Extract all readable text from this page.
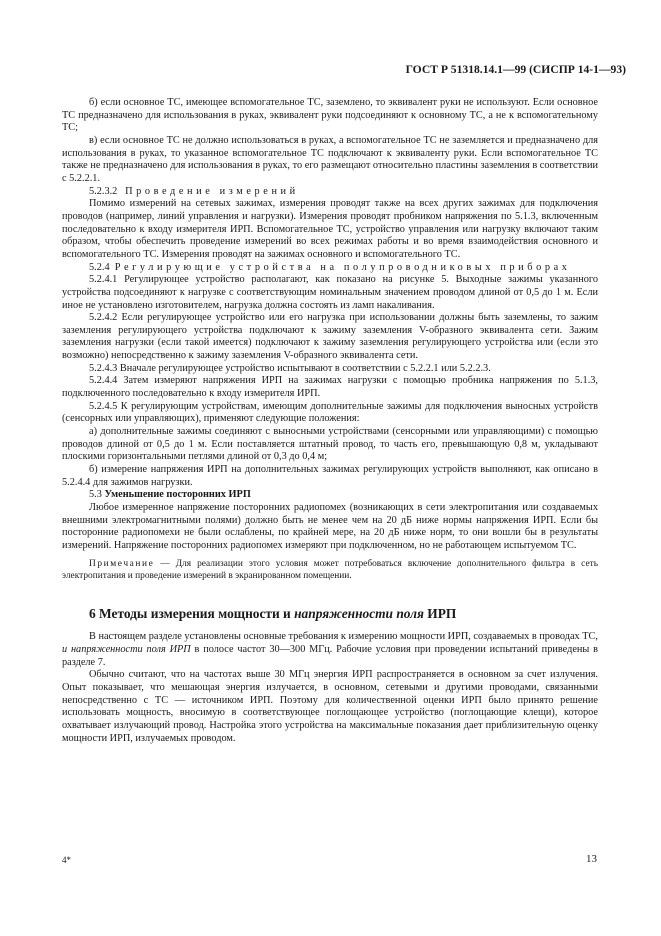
ГОСТ Р 51318.14.1—99 (СИСПР 14-1—93)

б) если основное ТС, имеющее вспомогательное ТС, заземлено, то эквивалент руки не используют. Если основное ТС предназначено для использования в руках, эквивалент руки подсоединяют к основному ТС, а не к вспомогательному ТС;

в) если основное ТС не должно использоваться в руках, а вспомогательное ТС не заземляется и предназначено для использования в руках, то указанное вспомогательное ТС подключают к эквиваленту руки. Если вспомогательное ТС также не предназначено для использования в руках, то его размещают относительно пластины заземления в соответствии с 5.2.2.1.

5.2.3.2 Проведение измерений

Помимо измерений на сетевых зажимах, измерения проводят также на всех других зажимах для подключения проводов (например, линий управления и нагрузки). Измерения проводят пробником напряжения по 5.1.3, включенным последовательно к входу измерителя ИРП. Вспомогательное ТС, устройство управления или нагрузку включают таким образом, чтобы обеспечить проведение измерений во всех режимах работы и во время взаимодействия основного и вспомогательного ТС. Измерения проводят на зажимах основного и вспомогательного ТС.

5.2.4 Регулирующие устройства на полупроводниковых приборах

5.2.4.1 Регулирующее устройство располагают, как показано на рисунке 5. Выходные зажимы указанного устройства подсоединяют к нагрузке с соответствующим номинальным значением проводом длиной от 0,5 до 1 м. Если иное не установлено изготовителем, нагрузка должна состоять из ламп накаливания.

5.2.4.2 Если регулирующее устройство или его нагрузка при использовании должны быть заземлены, то зажим заземления регулирующего устройства подключают к зажиму заземления V-образного эквивалента сети. Зажим заземления нагрузки (если такой имеется) подключают к зажиму заземления регулирующего устройства или (если это возможно) непосредственно к зажиму заземления V-образного эквивалента сети.

5.2.4.3 Вначале регулирующее устройство испытывают в соответствии с 5.2.2.1 или 5.2.2.3.

5.2.4.4 Затем измеряют напряжения ИРП на зажимах нагрузки с помощью пробника напряжения по 5.1.3, подключенного последовательно к входу измерителя ИРП.

5.2.4.5 К регулирующим устройствам, имеющим дополнительные зажимы для подключения выносных устройств (сенсорных или управляющих), применяют следующие положения:

а) дополнительные зажимы соединяют с выносными устройствами (сенсорными или управляющими) с помощью проводов длиной от 0,5 до 1 м. Если поставляется штатный провод, то часть его, превышающую 0,8 м, укладывают плоскими горизонтальными петлями длиной от 0,3 до 0,4 м;

б) измерение напряжения ИРП на дополнительных зажимах регулирующих устройств выполняют, как описано в 5.2.4.4 для зажимов нагрузки.

5.3 Уменьшение посторонних ИРП

Любое измеренное напряжение посторонних радиопомех (возникающих в сети электропитания или создаваемых внешними электромагнитными полями) должно быть не менее чем на 20 дБ ниже нормы напряжения ИРП. Если бы посторонние радиопомехи не были ослаблены, по крайней мере, на 20 дБ ниже норм, то они вошли бы в результаты измерений. Напряжение посторонних радиопомех измеряют при подключенном, но не работающем испытуемом ТС.

Примечание — Для реализации этого условия может потребоваться включение дополнительного фильтра в сеть электропитания и проведение измерений в экранированном помещении.

6 Методы измерения мощности и напряженности поля ИРП

В настоящем разделе установлены основные требования к измерению мощности ИРП, создаваемых в проводах ТС, и напряженности поля ИРП в полосе частот 30—300 МГц. Рабочие условия при проведении испытаний приведены в разделе 7.

Обычно считают, что на частотах выше 30 МГц энергия ИРП распространяется в основном за счет излучения. Опыт показывает, что мешающая энергия излучается, в основном, сетевыми и другими проводами, связанными непосредственно с ТС — источником ИРП. Поэтому для количественной оценки ИРП было принято решение использовать мощность, вносимую в соответствующее поглощающее устройство (поглощающие клещи), которое охватывает излучающий провод. Настройка этого устройства на максимальные показания дает приблизительную оценку мощности ИРП, излучаемых проводом.

4*	13
